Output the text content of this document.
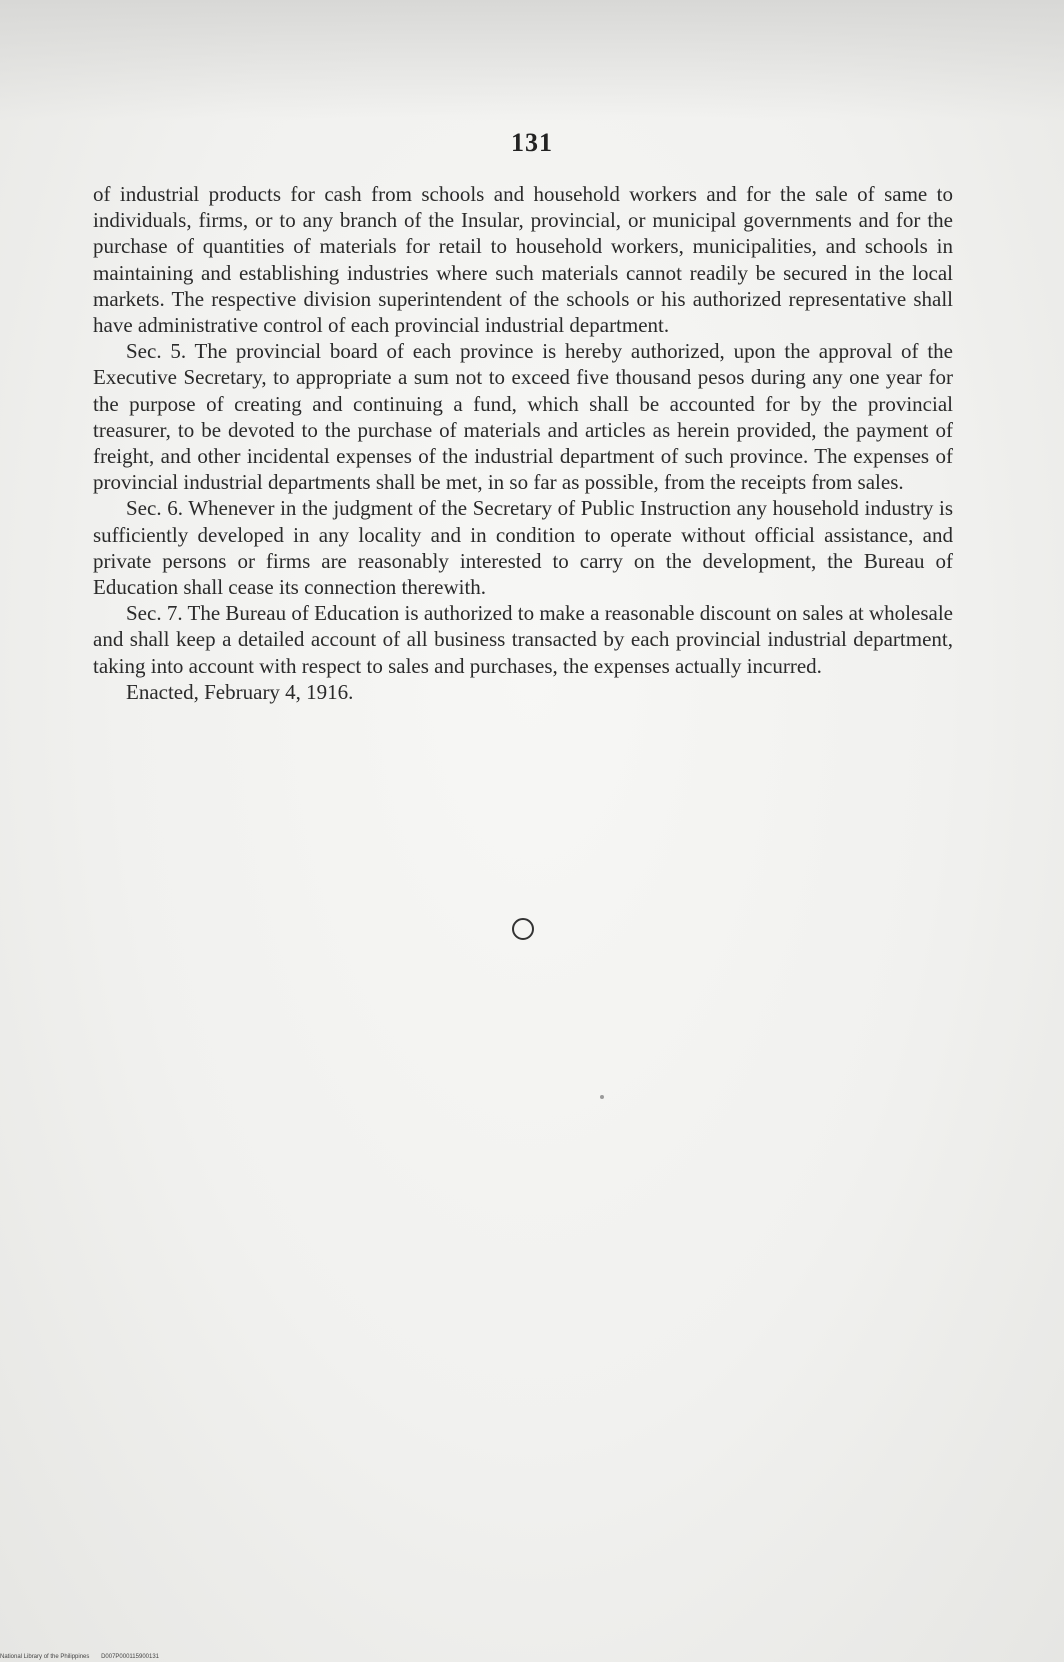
131

of industrial products for cash from schools and household workers and for the sale of same to individuals, firms, or to any branch of the Insular, provincial, or municipal governments and for the purchase of quantities of materials for retail to household workers, municipalities, and schools in maintaining and establishing industries where such materials cannot readily be secured in the local markets. The respective division superintendent of the schools or his authorized representative shall have administrative control of each provincial industrial department.

Sec. 5. The provincial board of each province is hereby authorized, upon the approval of the Executive Secretary, to appropriate a sum not to exceed five thousand pesos during any one year for the purpose of creating and continuing a fund, which shall be accounted for by the provincial treasurer, to be devoted to the purchase of materials and articles as herein provided, the payment of freight, and other incidental expenses of the industrial department of such province. The expenses of provincial industrial departments shall be met, in so far as possible, from the receipts from sales.

Sec. 6. Whenever in the judgment of the Secretary of Public Instruction any household industry is sufficiently developed in any locality and in condition to operate without official assistance, and private persons or firms are reasonably interested to carry on the development, the Bureau of Education shall cease its connection therewith.

Sec. 7. The Bureau of Education is authorized to make a reasonable discount on sales at wholesale and shall keep a detailed account of all business transacted by each provincial industrial department, taking into account with respect to sales and purchases, the expenses actually incurred.

Enacted, February 4, 1916.

National Library of the Philippines D007P000115900131
